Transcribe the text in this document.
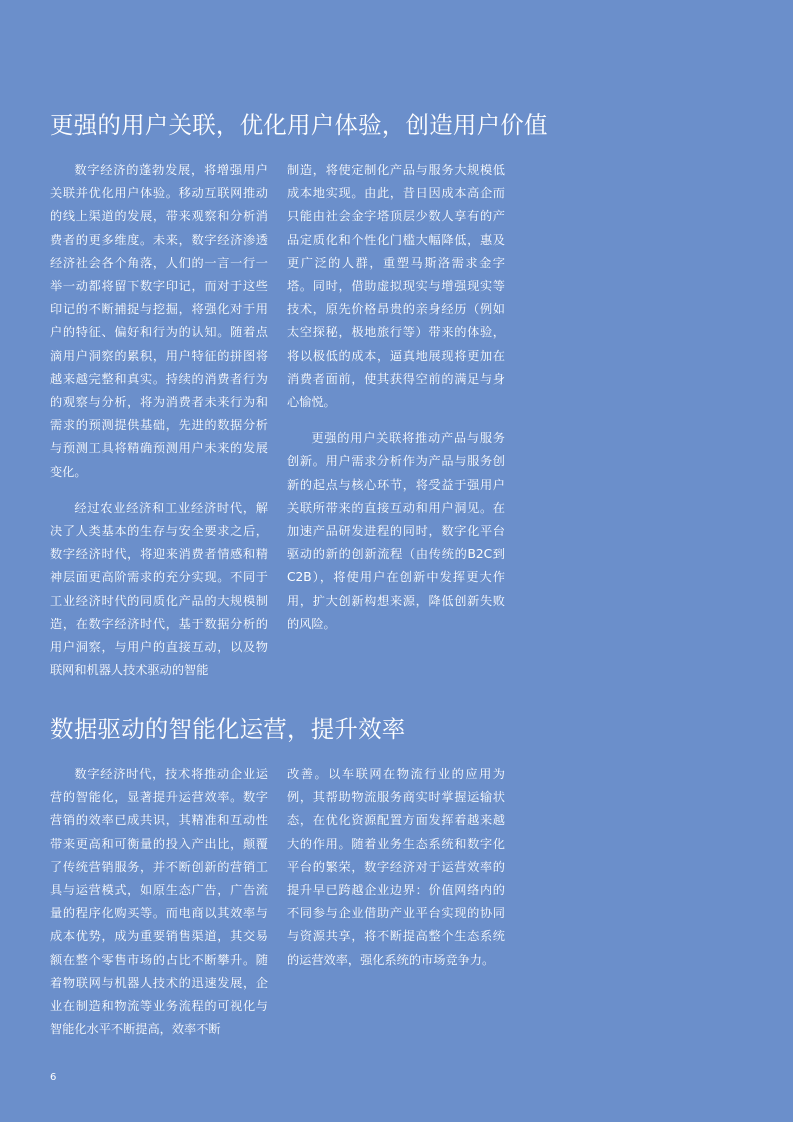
更强的用户关联，优化用户体验，创造用户价值

数字经济的蓬勃发展，将增强用户关联并优化用户体验。移动互联网推动的线上渠道的发展，带来观察和分析消费者的更多维度。未来，数字经济渗透经济社会各个角落，人们的一言一行一举一动都将留下数字印记，而对于这些印记的不断捕捉与挖掘，将强化对于用户的特征、偏好和行为的认知。随着点滴用户洞察的累积，用户特征的拼图将越来越完整和真实。持续的消费者行为的观察与分析，将为消费者未来行为和需求的预测提供基础，先进的数据分析与预测工具将精确预测用户未来的发展变化。

经过农业经济和工业经济时代，解决了人类基本的生存与安全要求之后，数字经济时代，将迎来消费者情感和精神层面更高阶需求的充分实现。不同于工业经济时代的同质化产品的大规模制造，在数字经济时代，基于数据分析的用户洞察，与用户的直接互动，以及物联网和机器人技术驱动的智能

制造，将使定制化产品与服务大规模低成本地实现。由此，昔日因成本高企而只能由社会金字塔顶层少数人享有的产品定质化和个性化门槛大幅降低，惠及更广泛的人群，重塑马斯洛需求金字塔。同时，借助虚拟现实与增强现实等技术，原先价格昂贵的亲身经历（例如太空探秘，极地旅行等）带来的体验，将以极低的成本，逼真地展现将更加在消费者面前，使其获得空前的满足与身心愉悦。

更强的用户关联将推动产品与服务创新。用户需求分析作为产品与服务创新的起点与核心环节，将受益于强用户关联所带来的直接互动和用户洞见。在加速产品研发进程的同时，数字化平台驱动的新的创新流程（由传统的B2C到C2B），将使用户在创新中发挥更大作用，扩大创新构想来源，降低创新失败的风险。

数据驱动的智能化运营，提升效率

数字经济时代，技术将推动企业运营的智能化，显著提升运营效率。数字营销的效率已成共识，其精准和互动性带来更高和可衡量的投入产出比，颠覆了传统营销服务，并不断创新的营销工具与运营模式，如原生态广告，广告流量的程序化购买等。而电商以其效率与成本优势，成为重要销售渠道，其交易额在整个零售市场的占比不断攀升。随着物联网与机器人技术的迅速发展，企业在制造和物流等业务流程的可视化与智能化水平不断提高，效率不断

改善。以车联网在物流行业的应用为例，其帮助物流服务商实时掌握运输状态，在优化资源配置方面发挥着越来越大的作用。随着业务生态系统和数字化平台的繁荣，数字经济对于运营效率的提升早已跨越企业边界：价值网络内的不同参与企业借助产业平台实现的协同与资源共享，将不断提高整个生态系统的运营效率，强化系统的市场竞争力。

6
